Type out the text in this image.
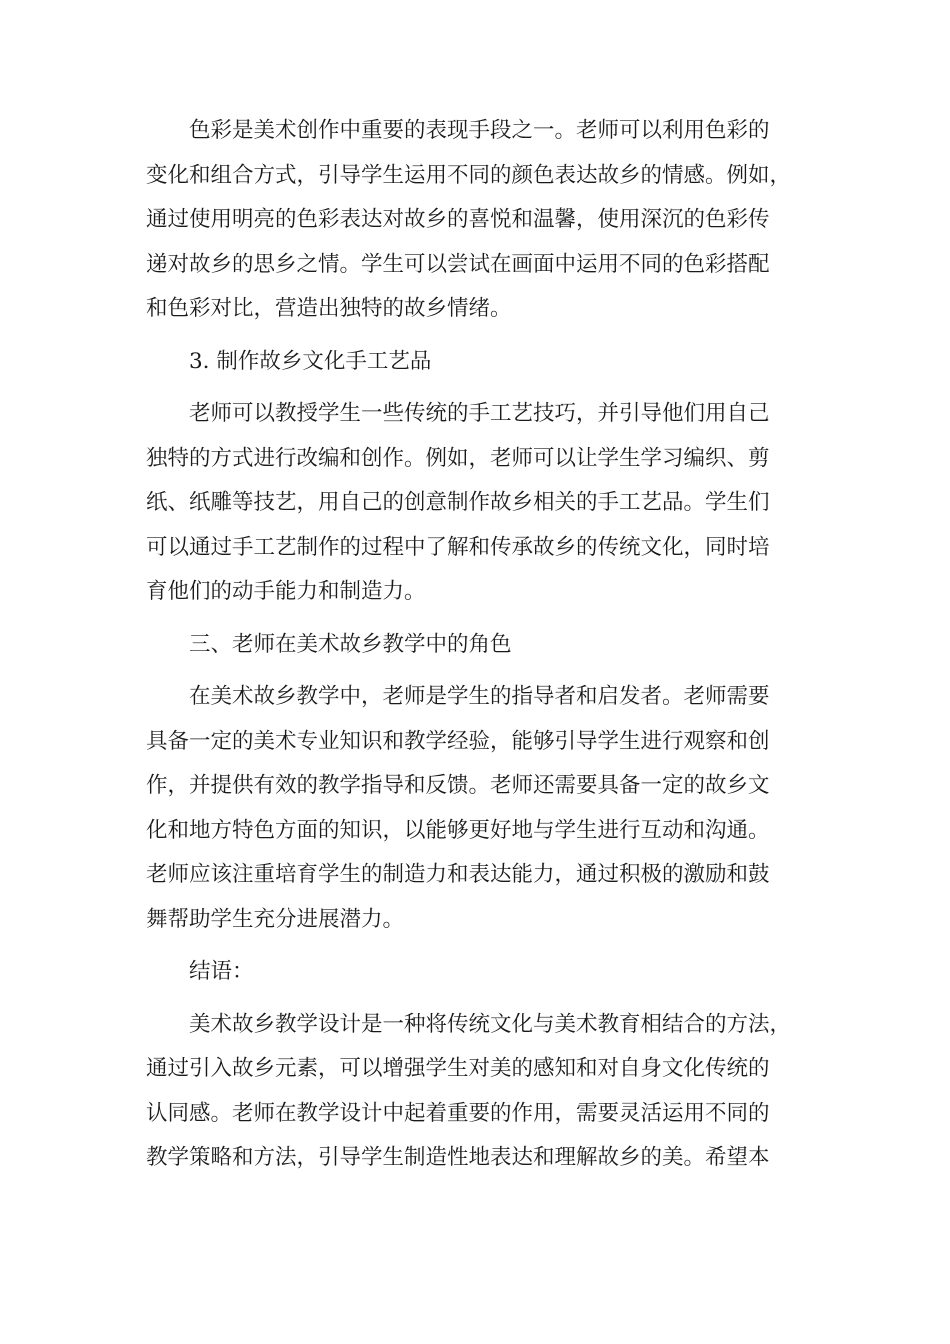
色彩是美术创作中重要的表现手段之一。老师可以利用色彩的
变化和组合方式，引导学生运用不同的颜色表达故乡的情感。例如，
通过使用明亮的色彩表达对故乡的喜悦和温馨，使用深沉的色彩传
递对故乡的思乡之情。学生可以尝试在画面中运用不同的色彩搭配
和色彩对比，营造出独特的故乡情绪。
3. 制作故乡文化手工艺品
老师可以教授学生一些传统的手工艺技巧，并引导他们用自己
独特的方式进行改编和创作。例如，老师可以让学生学习编织、剪
纸、纸雕等技艺，用自己的创意制作故乡相关的手工艺品。学生们
可以通过手工艺制作的过程中了解和传承故乡的传统文化，同时培
育他们的动手能力和制造力。
三、老师在美术故乡教学中的角色
在美术故乡教学中，老师是学生的指导者和启发者。老师需要
具备一定的美术专业知识和教学经验，能够引导学生进行观察和创
作，并提供有效的教学指导和反馈。老师还需要具备一定的故乡文
化和地方特色方面的知识，以能够更好地与学生进行互动和沟通。
老师应该注重培育学生的制造力和表达能力，通过积极的激励和鼓
舞帮助学生充分进展潜力。
结语：
美术故乡教学设计是一种将传统文化与美术教育相结合的方法，
通过引入故乡元素，可以增强学生对美的感知和对自身文化传统的
认同感。老师在教学设计中起着重要的作用，需要灵活运用不同的
教学策略和方法，引导学生制造性地表达和理解故乡的美。希望本
